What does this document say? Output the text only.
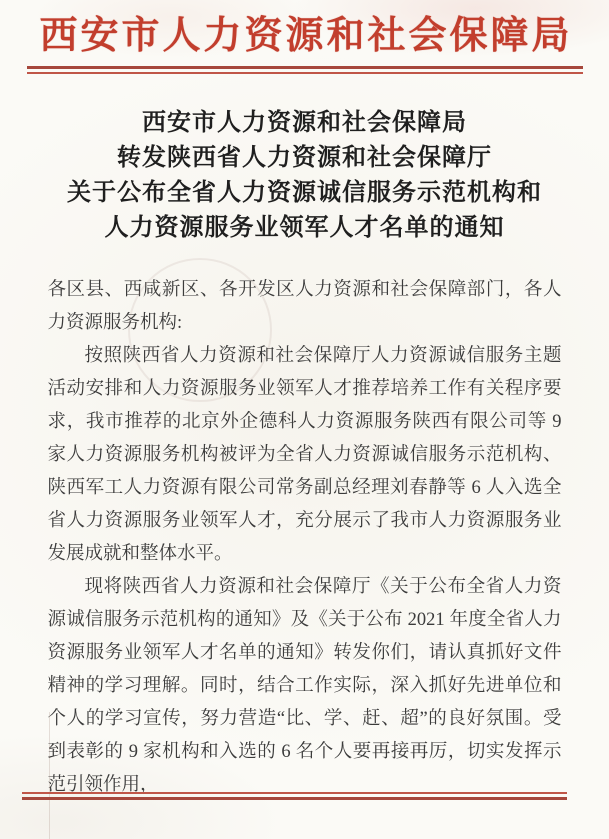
西安市人力资源和社会保障局
西安市人力资源和社会保障局
转发陕西省人力资源和社会保障厅
关于公布全省人力资源诚信服务示范机构和
人力资源服务业领军人才名单的通知

各区县、西咸新区、各开发区人力资源和社会保障部门，各人力资源服务机构:

按照陕西省人力资源和社会保障厅人力资源诚信服务主题活动安排和人力资源服务业领军人才推荐培养工作有关程序要求，我市推荐的北京外企德科人力资源服务陕西有限公司等 9 家人力资源服务机构被评为全省人力资源诚信服务示范机构、陕西军工人力资源有限公司常务副总经理刘春静等 6 人入选全省人力资源服务业领军人才，充分展示了我市人力资源服务业发展成就和整体水平。

现将陕西省人力资源和社会保障厅《关于公布全省人力资源诚信服务示范机构的通知》及《关于公布 2021 年度全省人力资源服务业领军人才名单的通知》转发你们，请认真抓好文件精神的学习理解。同时，结合工作实际，深入抓好先进单位和个人的学习宣传，努力营造“比、学、赶、超”的良好氛围。受到表彰的 9 家机构和入选的 6 名个人要再接再厉，切实发挥示范引领作用，
